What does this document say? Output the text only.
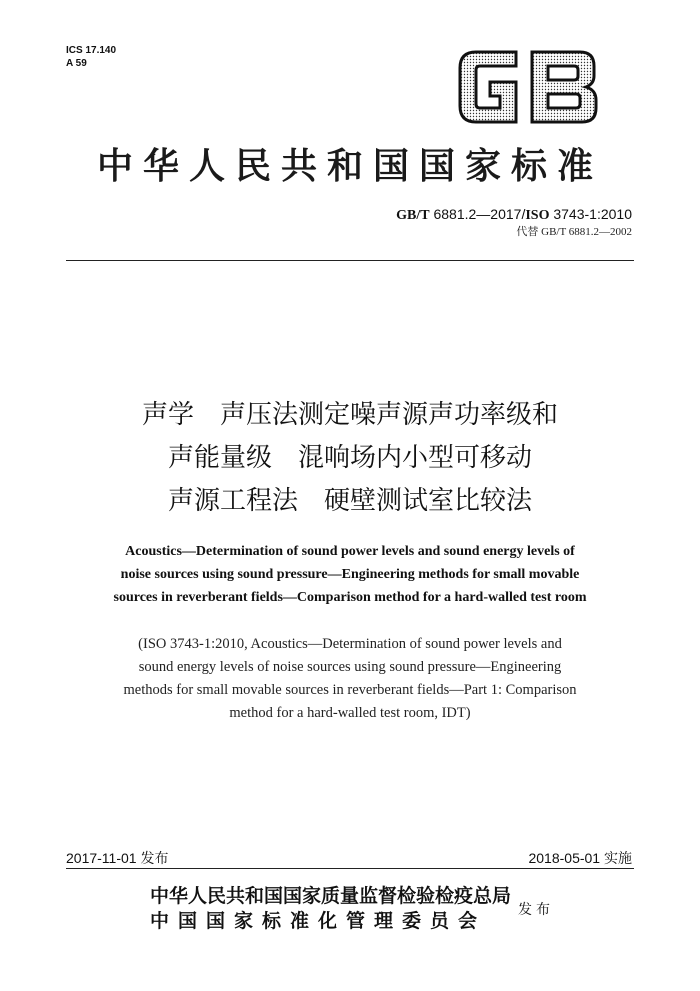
ICS 17.140
A 59
中华人民共和国国家标准
GB/T 6881.2—2017/ISO 3743-1:2010
代替 GB/T 6881.2—2002
声学　声压法测定噪声源声功率级和
声能量级　混响场内小型可移动
声源工程法　硬壁测试室比较法
Acoustics—Determination of sound power levels and sound energy levels of
noise sources using sound pressure—Engineering methods for small movable
sources in reverberant fields—Comparison method for a hard-walled test room
(ISO 3743-1:2010, Acoustics—Determination of sound power levels and
sound energy levels of noise sources using sound pressure—Engineering
methods for small movable sources in reverberant fields—Part 1: Comparison
method for a hard-walled test room, IDT)
2017-11-01 发布	2018-05-01 实施
中华人民共和国国家质量监督检验检疫总局
中国国家标准化管理委员会	发布
